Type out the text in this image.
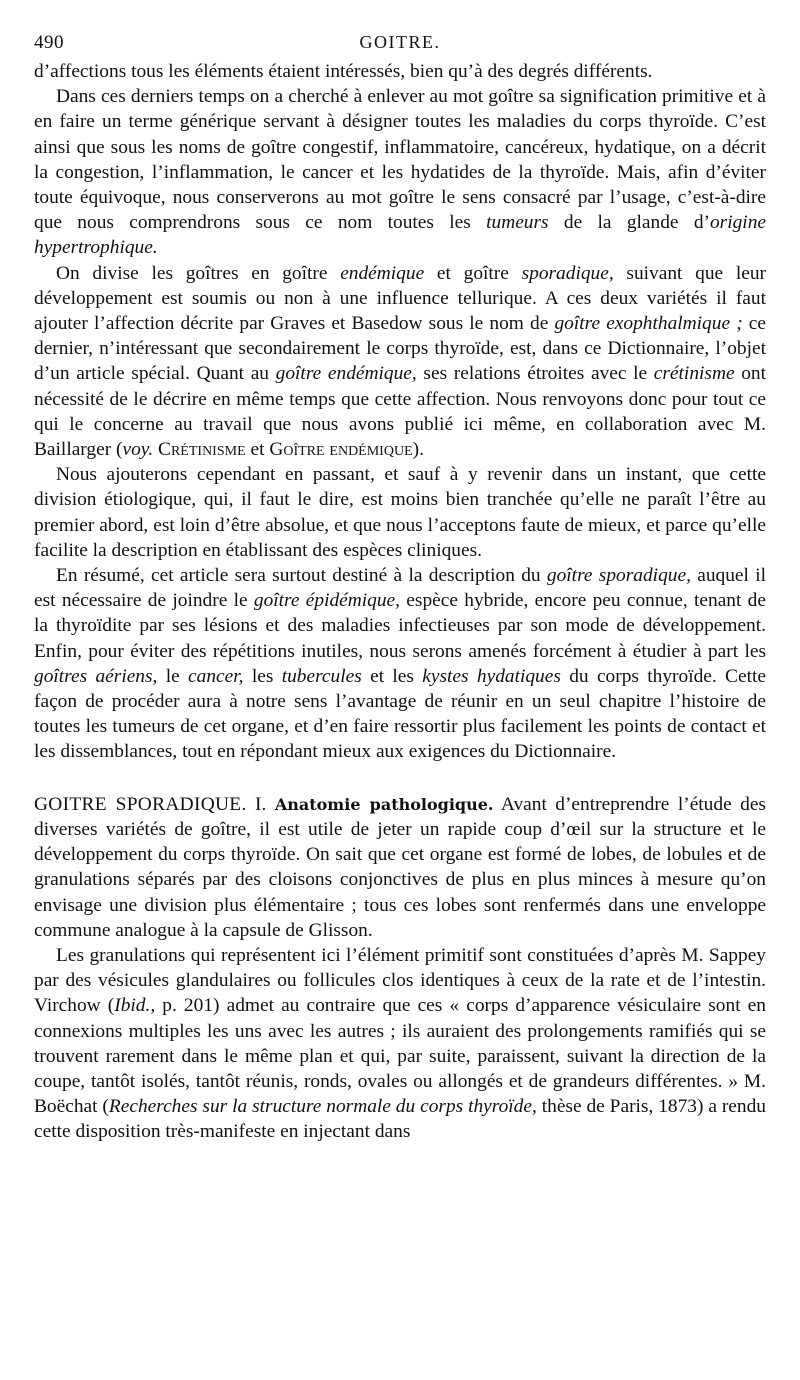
490	GOITRE.

d’affections tous les éléments étaient intéressés, bien qu’à des degrés différents.

Dans ces derniers temps on a cherché à enlever au mot goître sa signification primitive et à en faire un terme générique servant à désigner toutes les maladies du corps thyroïde. C’est ainsi que sous les noms de goître congestif, inflammatoire, cancéreux, hydatique, on a décrit la congestion, l’inflammation, le cancer et les hydatides de la thyroïde. Mais, afin d’éviter toute équivoque, nous conserverons au mot goître le sens consacré par l’usage, c’est-à-dire que nous comprendrons sous ce nom toutes les tumeurs de la glande d’origine hypertrophique.

On divise les goîtres en goître endémique et goître sporadique, suivant que leur développement est soumis ou non à une influence tellurique. A ces deux variétés il faut ajouter l’affection décrite par Graves et Basedow sous le nom de goître exophthalmique ; ce dernier, n’intéressant que secondairement le corps thyroïde, est, dans ce Dictionnaire, l’objet d’un article spécial. Quant au goître endémique, ses relations étroites avec le crétinisme ont nécessité de le décrire en même temps que cette affection. Nous renvoyons donc pour tout ce qui le concerne au travail que nous avons publié ici même, en collaboration avec M. Baillarger (voy. Crétinisme et Goître endémique).

Nous ajouterons cependant en passant, et sauf à y revenir dans un instant, que cette division étiologique, qui, il faut le dire, est moins bien tranchée qu’elle ne paraît l’être au premier abord, est loin d’être absolue, et que nous l’acceptons faute de mieux, et parce qu’elle facilite la description en établissant des espèces cliniques.

En résumé, cet article sera surtout destiné à la description du goître sporadique, auquel il est nécessaire de joindre le goître épidémique, espèce hybride, encore peu connue, tenant de la thyroïdite par ses lésions et des maladies infectieuses par son mode de développement. Enfin, pour éviter des répétitions inutiles, nous serons amenés forcément à étudier à part les goîtres aériens, le cancer, les tubercules et les kystes hydatiques du corps thyroïde. Cette façon de procéder aura à notre sens l’avantage de réunir en un seul chapitre l’histoire de toutes les tumeurs de cet organe, et d’en faire ressortir plus facilement les points de contact et les dissemblances, tout en répondant mieux aux exigences du Dictionnaire.

GOITRE SPORADIQUE. I. Anatomie pathologique. Avant d’entreprendre l’étude des diverses variétés de goître, il est utile de jeter un rapide coup d’œil sur la structure et le développement du corps thyroïde. On sait que cet organe est formé de lobes, de lobules et de granulations séparés par des cloisons conjonctives de plus en plus minces à mesure qu’on envisage une division plus élémentaire ; tous ces lobes sont renfermés dans une enveloppe commune analogue à la capsule de Glisson.

Les granulations qui représentent ici l’élément primitif sont constituées d’après M. Sappey par des vésicules glandulaires ou follicules clos identiques à ceux de la rate et de l’intestin. Virchow (Ibid., p. 201) admet au contraire que ces « corps d’apparence vésiculaire sont en connexions multiples les uns avec les autres ; ils auraient des prolongements ramifiés qui se trouvent rarement dans le même plan et qui, par suite, paraissent, suivant la direction de la coupe, tantôt isolés, tantôt réunis, ronds, ovales ou allongés et de grandeurs différentes. » M. Boëchat (Recherches sur la structure normale du corps thyroïde, thèse de Paris, 1873) a rendu cette disposition très-manifeste en injectant dans
